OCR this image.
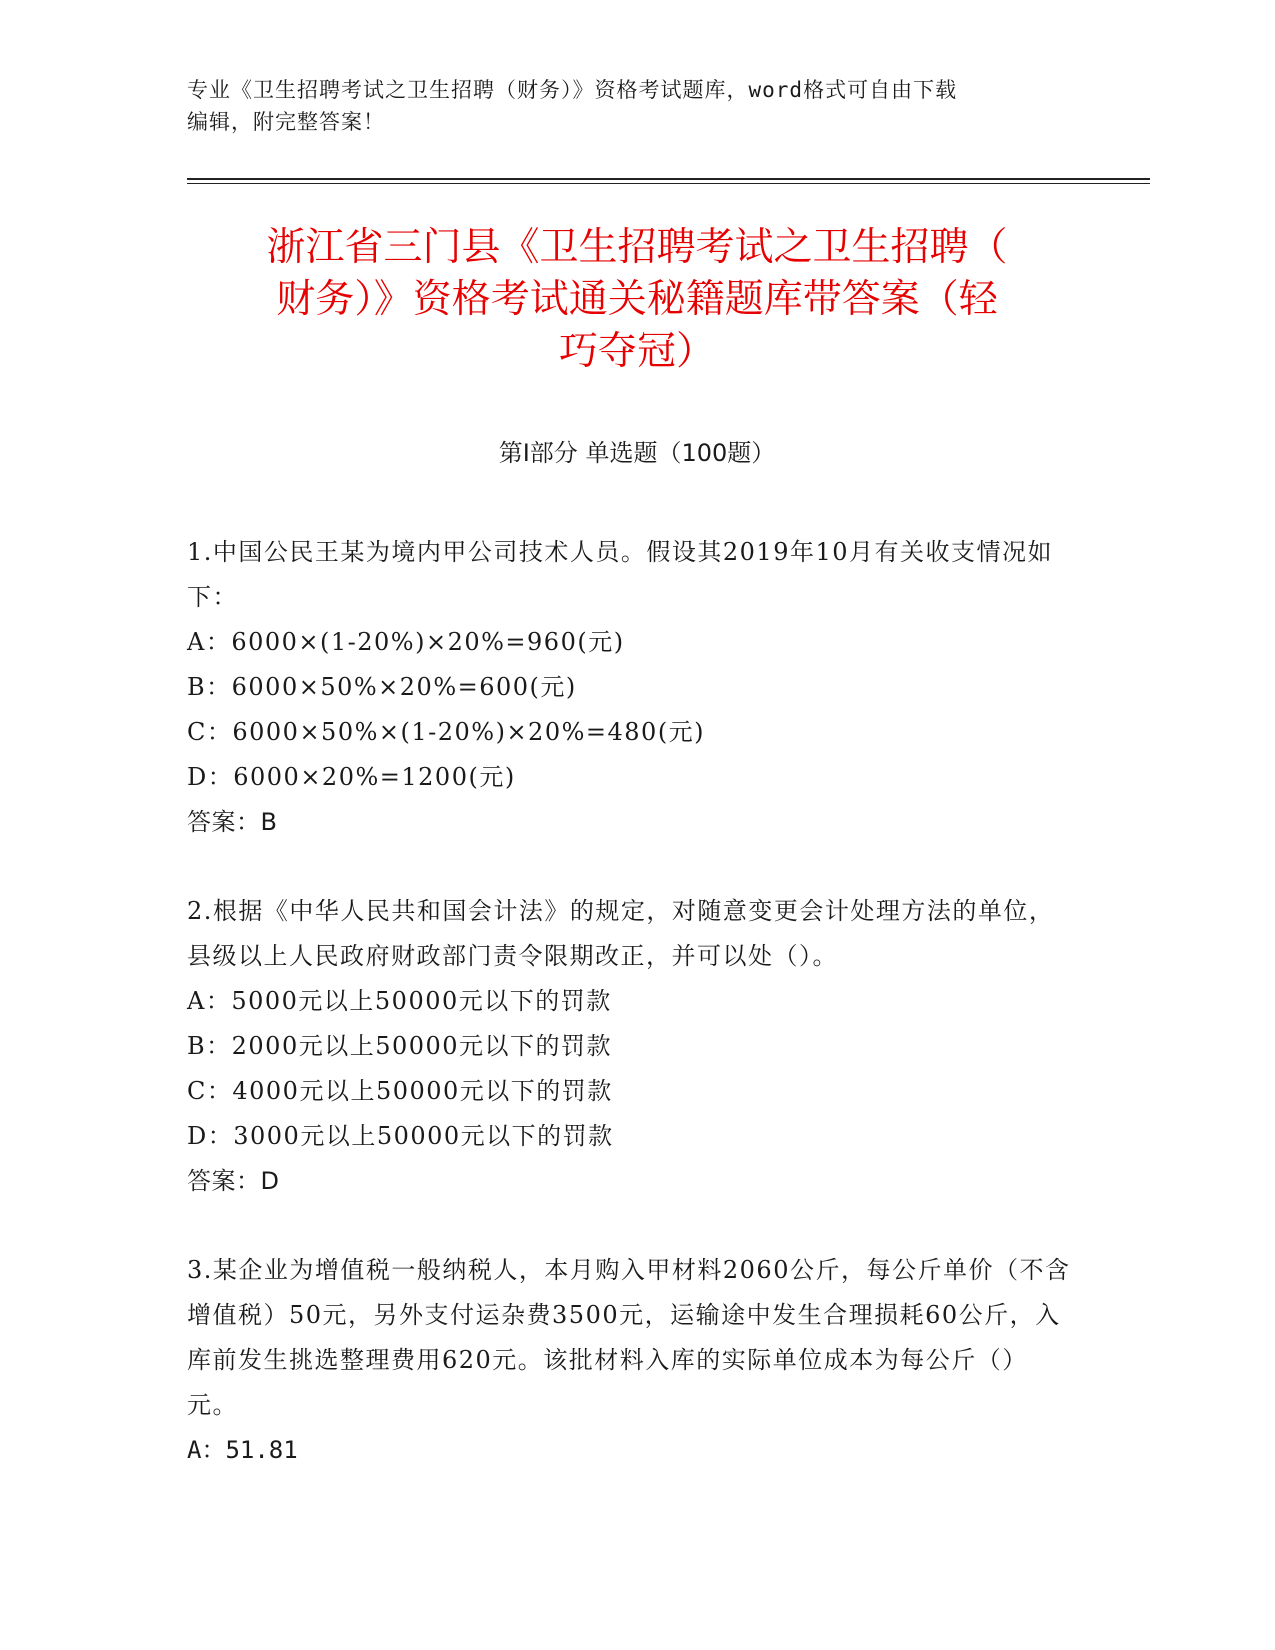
专业《卫生招聘考试之卫生招聘（财务）》资格考试题库，word格式可自由下载
编辑，附完整答案！
浙江省三门县《卫生招聘考试之卫生招聘（
财务）》资格考试通关秘籍题库带答案（轻
巧夺冠）
第Ⅰ部分 单选题（100题）
1.中国公民王某为境内甲公司技术人员。假设其2019年10月有关收支情况如下：
A：6000×(1-20%)×20%=960(元)
B：6000×50%×20%=600(元)
C：6000×50%×(1-20%)×20%=480(元)
D：6000×20%=1200(元)
答案：B
2.根据《中华人民共和国会计法》的规定，对随意变更会计处理方法的单位，县级以上人民政府财政部门责令限期改正，并可以处（）。
A：5000元以上50000元以下的罚款
B：2000元以上50000元以下的罚款
C：4000元以上50000元以下的罚款
D：3000元以上50000元以下的罚款
答案：D
3.某企业为增值税一般纳税人，本月购入甲材料2060公斤，每公斤单价（不含增值税）50元，另外支付运杂费3500元，运输途中发生合理损耗60公斤，入库前发生挑选整理费用620元。该批材料入库的实际单位成本为每公斤（）元。
A：51.81
